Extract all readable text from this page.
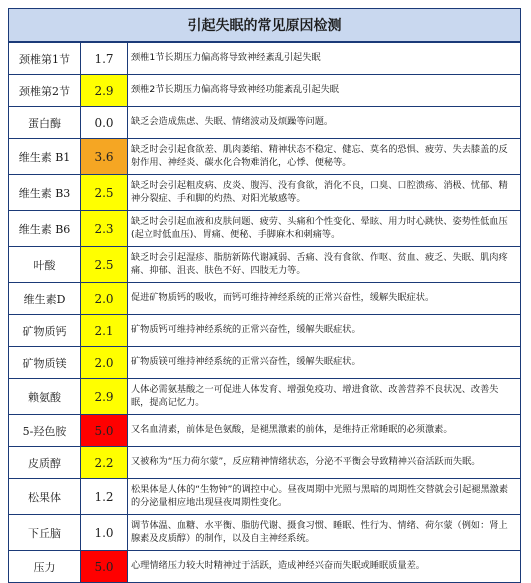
引起失眠的常见原因检测
颈椎第1节	1.7	颈椎1节长期压力偏高将导致神经紊乱引起失眠
颈椎第2节	2.9	颈椎2节长期压力偏高将导致神经功能紊乱引起失眠
蛋白酶	0.0	缺乏会造成焦虑、失眠、情绪波动及烦躁等问题。
维生素 B1	3.6	缺乏时会引起食欲差、肌肉萎缩、精神状态不稳定、健忘、莫名的恐惧、疲劳、失去膝盖的反射作用、神经炎、碳水化合物难消化，心悸、便秘等。
维生素 B3	2.5	缺乏时会引起粗皮病、皮炎、腹泻、没有食欲，消化不良，口臭、口腔溃疡、消极、忧郁、精神分裂症、手和脚的灼热、对阳光敏感等。
维生素 B6	2.3	缺乏时会引起血液和皮肤问题、疲劳、头痛和个性变化、晕眩、用力时心跳快、姿势性低血压(起立时低血压)、胃痛、便秘、手脚麻木和刺痛等。
叶酸	2.5	缺乏时会引起湿疹、脂肪新陈代谢减弱、舌痛、没有食欲、作呕、贫血、疲乏、失眠、肌肉疼痛、抑郁、沮丧、肤色不好、四肢无力等。
维生素D	2.0	促进矿物质钙的吸收，而钙可维持神经系统的正常兴奋性，缓解失眠症状。
矿物质钙	2.1	矿物质钙可维持神经系统的正常兴奋性，缓解失眠症状。
矿物质镁	2.0	矿物质镁可维持神经系统的正常兴奋性，缓解失眠症状。
赖氨酸	2.9	人体必需氨基酸之一可促进人体发育、增强免疫功、增进食欲、改善营养不良状况、改善失眠，提高记忆力。
5-羟色胺	5.0	又名血清素，前体是色氨酸，是褪黑激素的前体，是维持正常睡眠的必须激素。
皮质醇	2.2	又被称为“压力荷尔蒙”，反应精神情绪状态，分泌不平衡会导致精神兴奋活跃而失眠。
松果体	1.2	松果体是人体的“生物钟”的调控中心。昼夜周期中光照与黑暗的周期性交替就会引起褪黑激素的分泌量相应地出现昼夜周期性变化。
下丘脑	1.0	调节体温、血糖、水平衡、脂肪代谢、摄食习惯、睡眠、性行为、情绪、荷尔蒙（例如：肾上腺素及皮质醇）的制作，以及自主神经系统。
压力	5.0	心理情绪压力较大时精神过于活跃，造成神经兴奋而失眠或睡眠质量差。
